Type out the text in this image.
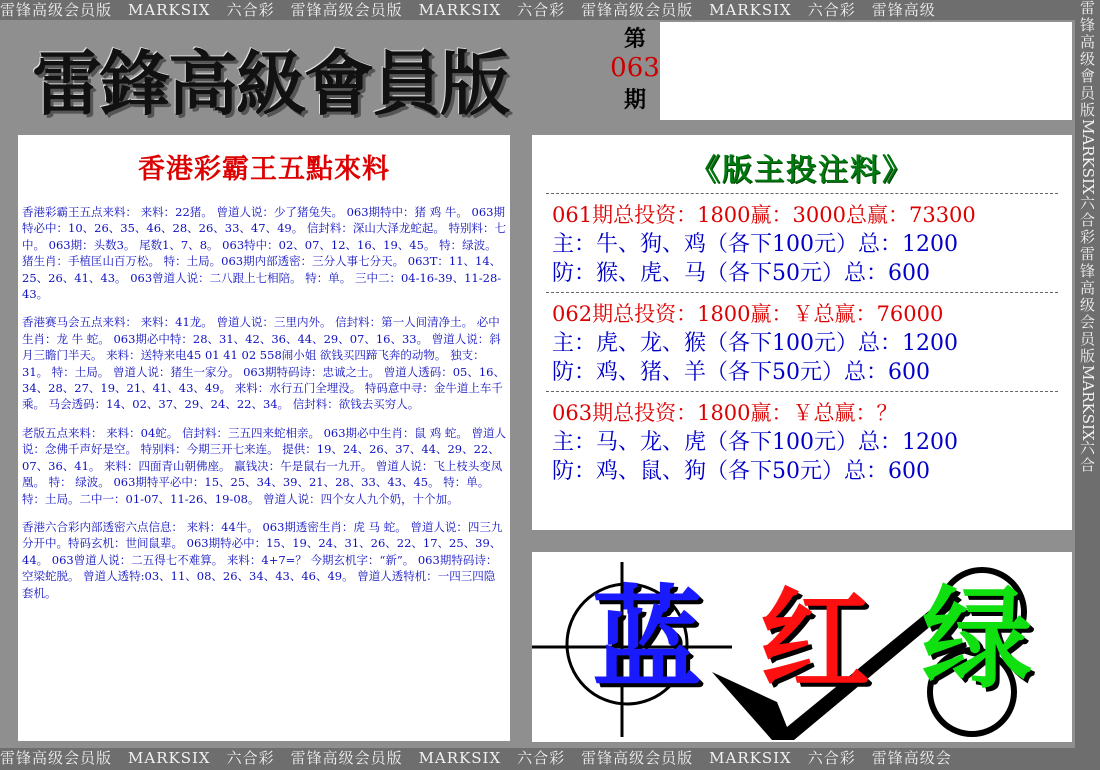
雷锋高级会员版　MARKSIX　六合彩　雷锋高级会员版　MARKSIX　六合彩　雷锋高级会员版　MARKSIX　六合彩　雷锋高级
雷锋高级会员版　MARKSIX　六合彩　雷锋高级会员版　MARKSIX　六合彩　雷锋高级会员版　MARKSIX　六合彩　雷锋高级会
雷
锋
高
级
會
员
版
MARKSIX
六
合
彩
雷
锋
高
级
会
员
版
MARKSIX
六
合
雷鋒高級會員版
第
063
期
香港彩霸王五點來料
香港彩霸王五点来料： 来料：22猪。 曾道人说：少了猪兔失。 063期特中：猪 鸡 牛。 063期特必中：10、26、35、46、28、26、33、47、49。 信封料：深山大泽龙蛇起。 特别料：七中。 063期：头数3。 尾数1、7、8。 063特中：02、07、12、16、19、45。 特：绿波。 猪生肖：手植匡山百万松。 特：土局。063期内部透密：三分人事七分天。 063T：11、14、25、26、41、43。 063曾道人说：二八跟上七相陪。 特：单。 三中二：04-16-39、11-28-43。
香港赛马会五点来料： 来料：41龙。 曾道人说：三里内外。 信封料：第一人间清净土。 必中生肖：龙 牛 蛇。 063期必中特：28、31、42、36、44、29、07、16、33。 曾道人说：斜月三瞻门半天。 来料：送特来电45 01 41 02 558闹小姐 欲钱买四蹄飞奔的动物。 独支：31。 特：土局。 曾道人说：猪生一家分。 063期特码诗：忠诚之士。 曾道人透码：05、16、34、28、27、19、21、41、43、49。 来料：水行五门全埋没。 特码意中寻：金牛道上车千乘。 马会透码：14、02、37、29、24、22、34。 信封料：欲钱去买穷人。
老版五点来料： 来料：04蛇。 信封料：三五四来蛇相亲。 063期必中生肖：鼠 鸡 蛇。 曾道人说：念佛千声好是空。 特别料：今期三开七来连。 提供：19、24、26、37、44、29、22、07、36、41。 来料：四面青山朝佛座。 赢钱决：午是鼠右一九开。 曾道人说：飞上枝头变凤凰。 特： 绿波。 063期特平必中：15、25、34、39、21、28、33、43、45。 特：单。 特：土局。二中一：01-07、11-26、19-08。 曾道人说：四个女人九个奶，十个加。
香港六合彩内部透密六点信息： 来料：44牛。 063期透密生肖：虎 马 蛇。 曾道人说：四三九分开中。特码玄机：世间鼠辈。 063期特必中：15、19、24、31、26、22、17、25、39、44。 063曾道人说：二五得七不难算。 来料：4+7=？ 今期玄机字：“新”。 063期特码诗：空梁蛇脱。 曾道人透特:03、11、08、26、34、43、46、49。 曾道人透特机：一四三四隐套机。
《版主投注料》
061期总投资：1800赢：3000总赢：73300
主：牛、狗、鸡（各下100元）总：1200
防：猴、虎、马（各下50元）总：600
062期总投资：1800赢：￥总赢：76000
主：虎、龙、猴（各下100元）总：1200
防：鸡、猪、羊（各下50元）总：600
063期总投资：1800赢：￥总赢：？
主：马、龙、虎（各下100元）总：1200
防：鸡、鼠、狗（各下50元）总：600
蓝 红 绿
